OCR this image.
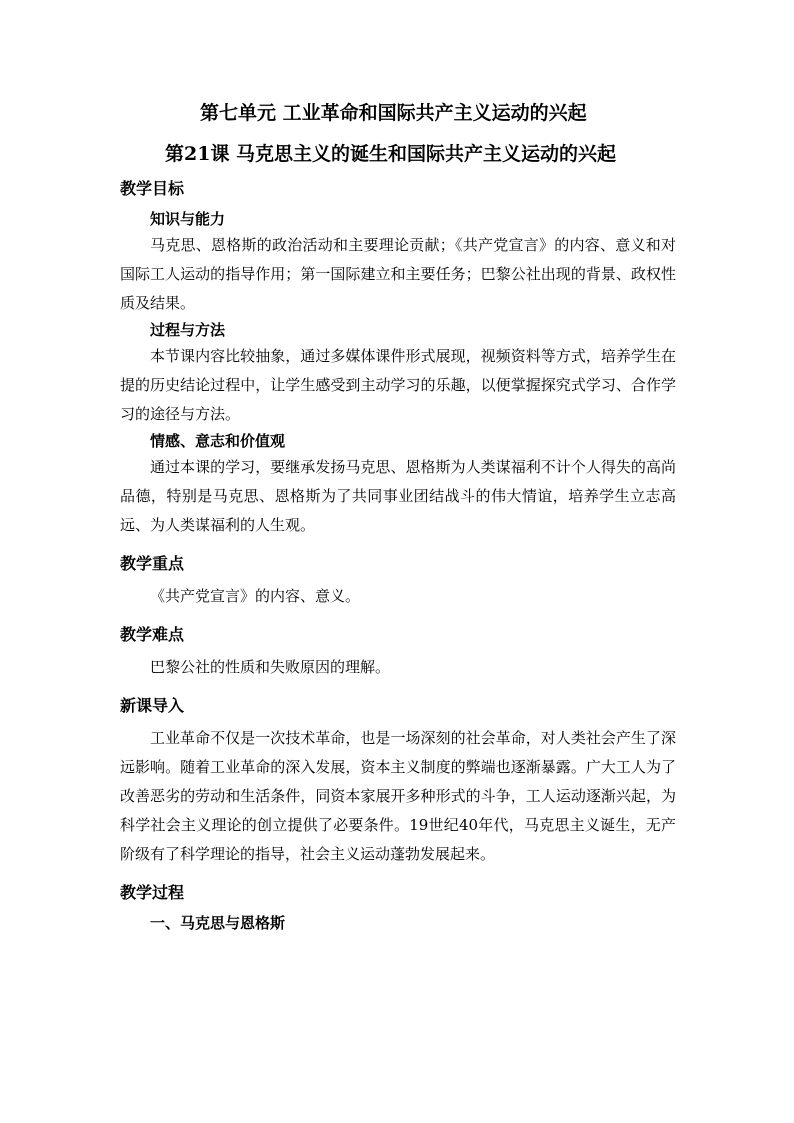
第七单元 工业革命和国际共产主义运动的兴起
第21课 马克思主义的诞生和国际共产主义运动的兴起
教学目标
知识与能力

马克思、恩格斯的政治活动和主要理论贡献；《共产党宣言》的内容、意义和对国际工人运动的指导作用；第一国际建立和主要任务；巴黎公社出现的背景、政权性质及结果。

过程与方法

本节课内容比较抽象，通过多媒体课件形式展现，视频资料等方式，培养学生在提的历史结论过程中，让学生感受到主动学习的乐趣，以便掌握探究式学习、合作学习的途径与方法。

情感、意志和价值观

通过本课的学习，要继承发扬马克思、恩格斯为人类谋福利不计个人得失的高尚品德，特别是马克思、恩格斯为了共同事业团结战斗的伟大情谊，培养学生立志高远、为人类谋福利的人生观。

教学重点

《共产党宣言》的内容、意义。

教学难点

巴黎公社的性质和失败原因的理解。

新课导入

工业革命不仅是一次技术革命，也是一场深刻的社会革命，对人类社会产生了深远影响。随着工业革命的深入发展，资本主义制度的弊端也逐渐暴露。广大工人为了改善恶劣的劳动和生活条件，同资本家展开多种形式的斗争，工人运动逐渐兴起，为科学社会主义理论的创立提供了必要条件。19世纪40年代，马克思主义诞生，无产阶级有了科学理论的指导，社会主义运动蓬勃发展起来。

教学过程
一、马克思与恩格斯
